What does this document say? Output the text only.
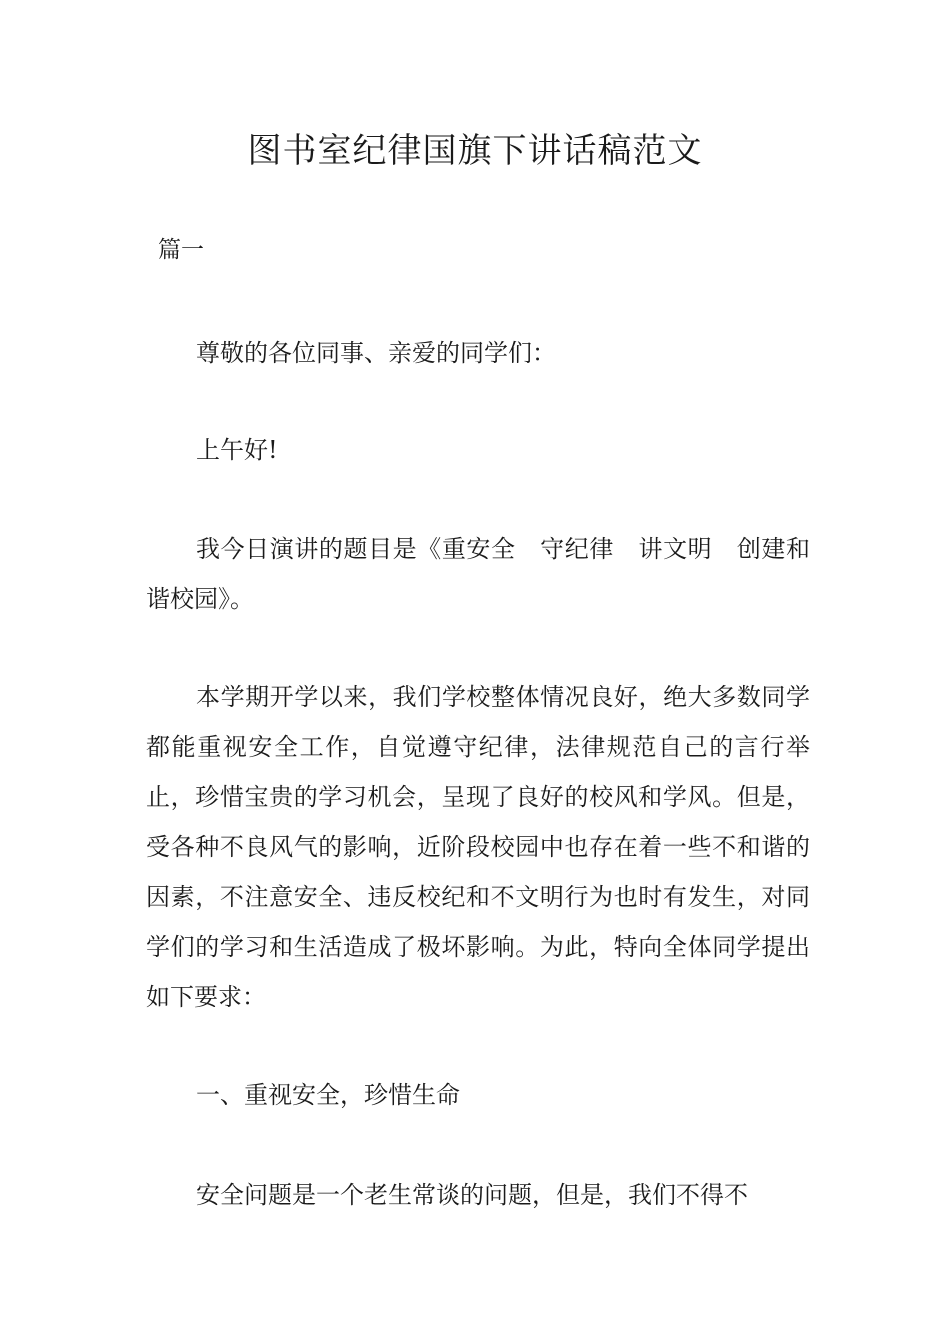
图书室纪律国旗下讲话稿范文
篇一

尊敬的各位同事、亲爱的同学们：

上午好!

我今日演讲的题目是《重安全　守纪律　讲文明　创建和谐校园》。

本学期开学以来，我们学校整体情况良好，绝大多数同学都能重视安全工作，自觉遵守纪律，法律规范自己的言行举止，珍惜宝贵的学习机会，呈现了良好的校风和学风。但是，受各种不良风气的影响，近阶段校园中也存在着一些不和谐的因素，不注意安全、违反校纪和不文明行为也时有发生，对同学们的学习和生活造成了极坏影响。为此，特向全体同学提出如下要求：

一、重视安全，珍惜生命

安全问题是一个老生常谈的问题，但是，我们不得不
